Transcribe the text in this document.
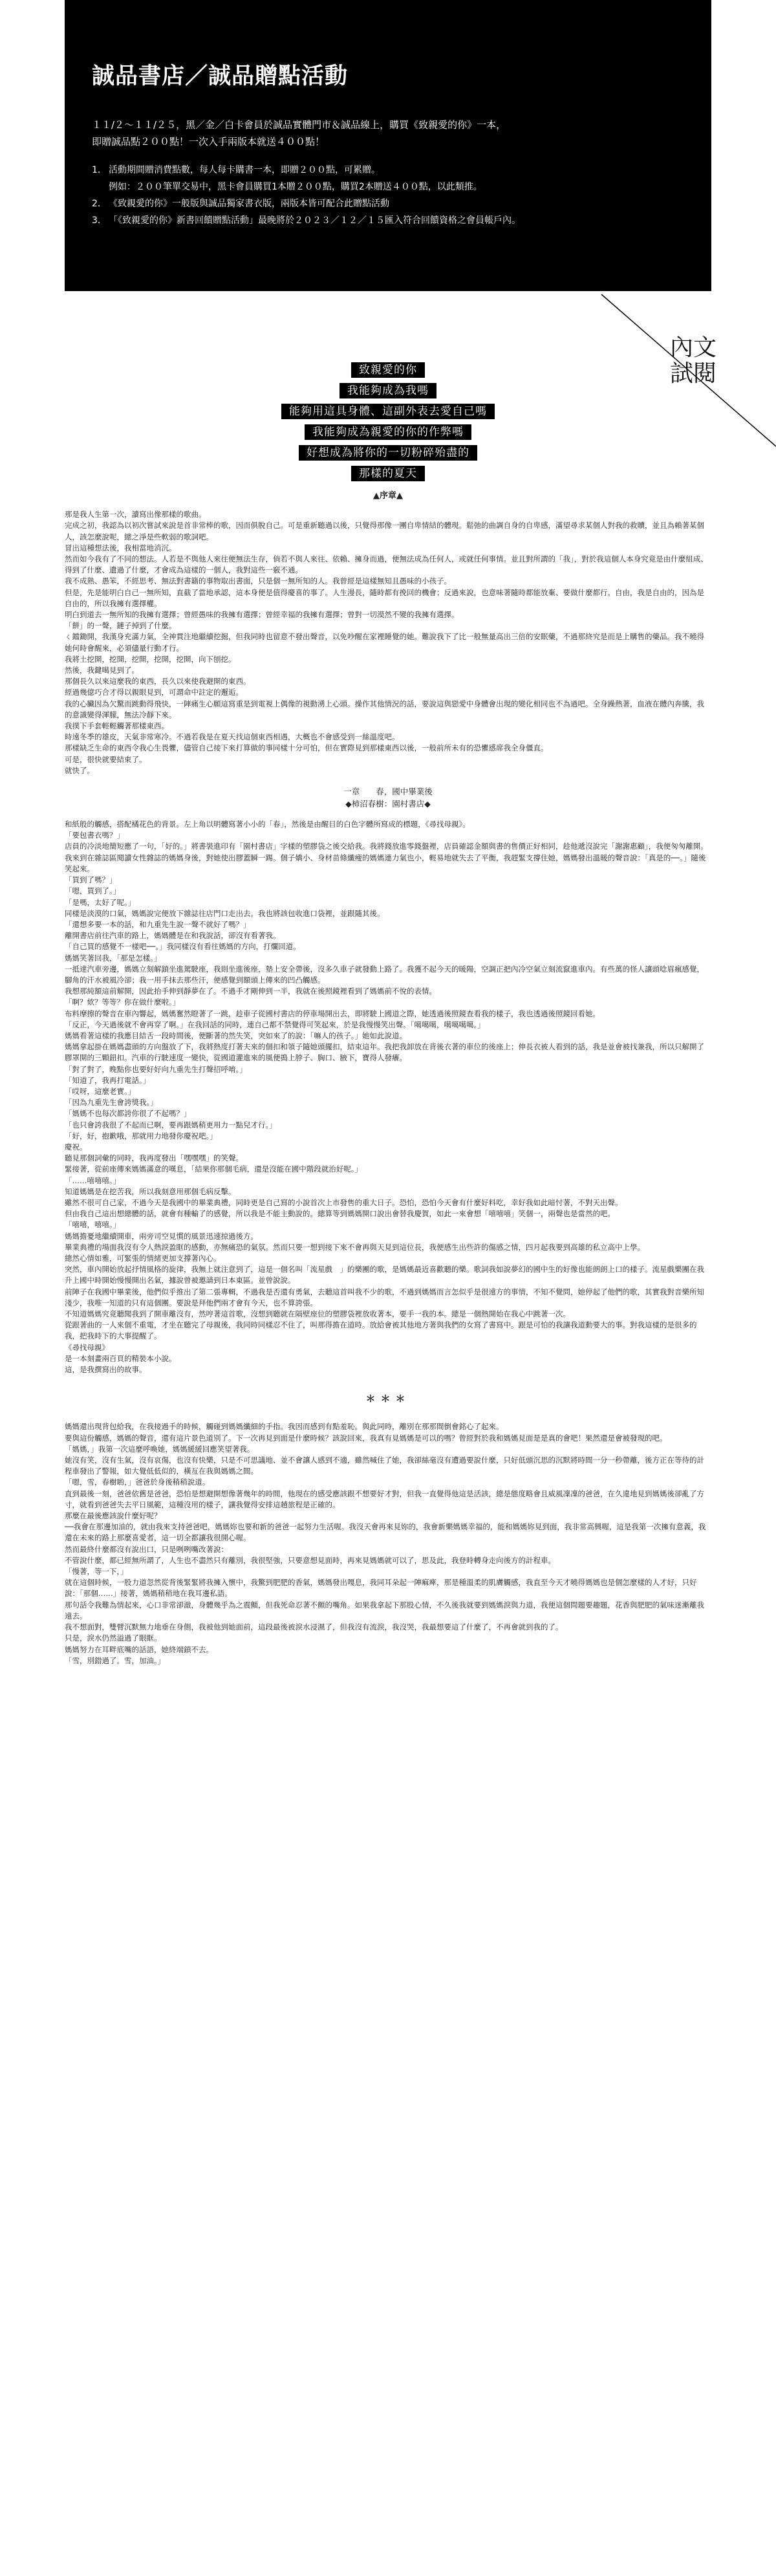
誠品書店／誠品贈點活動
１１/２～１１/２５，黑／金／白卡會員於誠品實體門市＆誠品線上，購買《致親愛的你》一本，
即贈誠品點２００點！一次入手兩版本就送４００點！
1． 活動期間贈消費點數，每人每卡購書一本，即贈２００點，可累贈。
例如：２００筆單交易中，黑卡會員購買1本贈２００點，購買2本贈送４００點，以此類推。
2． 《致親愛的你》一般版與誠品獨家書衣版，兩版本皆可配合此贈點活動
3． 「《致親愛的你》新書回饋贈點活動」最晚將於２０２３／１２／１５匯入符合回饋資格之會員帳戶內。
內文
試閱
致親愛的你
我能夠成為我嗎
能夠用這具身體、這副外表去愛自己嗎
我能夠成為親愛的你的作弊嗎
好想成為將你的一切粉碎殆盡的
那樣的夏天
▲序章▲

那是我人生第一次，讀寫出像那樣的歌曲。

完成之初，我認為以初次嘗試來說是首非常棒的歌，因而俱脫自己。可是重新聽過以後，只覺得那像一團自卑情結的體現。鬆弛的曲調自身的自卑感，滿望尋求某個人對我的救贖，並且為賴著某個人，該怎麼說呢，總之淨是些軟弱的歌詞吧。

冒出這種想法後，我相當地消沉。

然而如今我有了不同的想法。人若是不與他人來往便無法生存，倘若不與人來往、依賴、擁身而過，便無法成為任何人，或就任何事情。並且對所謂的「我」，對於我這個人本身究竟是由什麼組成、得到了什麼、遺過了什麼，才會成為這樣的一個人，我對這些一竅不通。

我不成熟、愚笨，不經思考、無法對書籍的事物取出書面，只是個一無所知的人。我曾經是這樣無知且愚味的小孩子。

但是，先是能明白自己一無所知，直截了當地承認，這本身便是值得慶喜的事了。人生漫長，隨時都有挽回的機會；反過來說，也意味著隨時都能放棄、要做什麼都行。自由，我是自由的，因為是自由的，所以我擁有選擇權。

明白到道去一無所知的我擁有選擇；曾經愚味的我擁有選擇；曾經幸福的我擁有選擇；曾對一切漠然不變的我擁有選擇。

「餅」的一聲，鏈子掉到了什麼。

ㄑ鐺鋤開，我漢身充滿力氣，全神貫注地繼續挖掘，但我同時也留意不發出聲音，以免吵醒在家裡睡覺的她。難說我下了比一般無量高出三倍的安眠藥，不過那終究是而是上購售的藥品。我不曉得她何時會醒來，必須儘量行動才行。

我將土挖開，挖開，挖開，挖開，挖開，向下刨挖。

然後，我鍵噶見到了。

那個長久以來這麼我的東西，長久以來使我避開的東西。

經過幾億巧合才得以親眼見到，可謂命中註定的邂逅。

我的心臟因為欠驚而跳動得飛快，一陣痛生心願這寫重是到電視上偶像的視動湧上心頭。操作其他情況的話，要說這與戀愛中身體會出現的變化相同也不為過吧。全身躁熱著，血液在體內奔騰，我的意識變得渾朦，無法冷靜下來。

我撲下手套輕輕觸著那樣東西。

時遠冬季的雄皮，天氣非常寒冷。不過若我是在夏天找這個東西相遇，大概也不會感受到一絲溫度吧。

那樣缺乏生命的東西令我心生畏懼，儘管自己接下來打算做的事同樣十分可怕，但在實際見到那樣東西以後，一般前所未有的恐懼感席我全身僵直。

可是，很快就要結束了。

就快了。

一章　　春，國中畢業後
◆柿沼春樹：園村書店◆

和紙般的觸感，搭配橘花色的背景。左上角以明體寫著小小的「春」，然後是由醒目的白色字體所寫成的標題，《尋找母親》。

「要包書衣嗎？」

店員的冷淡地簡短應了一句，「好的。」將書裝進印有「園村書店」字樣的塑膠袋之後交給我。我將錢放進零錢盤裡，店員確認金額與書的售價正好相同，趁他遞沒說完「謝謝惠顧」，我便匆匆離開。

我來到在雜誌區閱讀女性雜誌的媽媽身後，對她使出膠蓋瞬一踢。個子嬌小、身材苗條纖瘦的媽媽連力氣也小，輕易地就失去了平衡，我趕緊支撐住她，媽媽發出溫暖的聲音說：「真是的──。」隨後笑起來。

「買到了嗎？」

「嗯，買到了。」

「是嗎，太好了呢。」

同樣是淡漠的口氣，媽媽說完便放下雜誌往店門口走出去。我也將該包收進口袋裡，並跟隨其後。

「還想多要一本的話，和九重先生說一聲不就好了嗎？」

離開書店前往汽車的路上，媽媽體是在和我說話，卻沒有看著我。

「自己買的感覺不一樣吧──。」我同樣沒有看往媽媽的方向，打爛回道。

媽媽笑著回我，「那是怎樣。」

一抵達汽車旁邊，媽媽立刻解鎖坐進駕駛座，我則坐進後座，墊上安全帶後，沒多久車子就發動上路了。我獲不起今天的暖陽，空調正把內冷空氣立刻流竄進車內。有些萬的怪人讓頭唸眉瘋感覺，腳角的汗水被風冷卻；我一用手抹去那些汗，便感覺到額頭上傳來的凹凸觸感。

我想那純額這前解開，因此抬手伸到靜夢在了。不過手才剛伸到一半，我就在後照鏡裡看到了媽媽前不悅的表情。

「啊？欸？等等？你在做什麼啦。」

布料摩擦的聲音在車內響起，媽媽奮然瞪著了一跳，趁車子從國村書店的停車場開出去，即將駛上國道之際，她透過後照鏡查看我的樣子，我也透過後照鏡回看她。

「反正，今天過後就不會再穿了啊。」在我回話的同時，連自己都不禁覺得可笑起來，於是我慢慢笑出聲。「噶噶噶，噶噶噶噶。」

媽媽看著這樣的我應目結舌一段時間後，便斷著的然失笑，突如來了的說：「嘛人的孩子。」她如此說道。

媽媽拿起掛在媽媽盡頭的方向盤放了下，我將熱度打著夫來的個扣和領子隨她頭擺扣，結束這年。我把我卸放在背後衣著的車位的後座上；伸長衣被人看到的話，我是並會被找兼我，所以只解開了膠罩開的三顆鈕扣。汽車的行駛速度一變快，從國道灌進來的風便搗上脖子、胸口、腋下，寶得人發癢。

「對了對了，晚點你也要好好向九重先生打聲招呼唷。」

「知道了，我再打電話。」

「哎呀，這麼老實。」

「因為九重先生會誇獎我。」

「媽媽不也每次都誇你很了不起嗎？」

「也只會誇我很了不起而已啊，要再跟媽稍更用力一點兒才行。」

「好，好，抱歉哦，那就用力地發你慶祝吧。」

慶祝。

聽見那個詞彙的同時，我再度發出「嘿嘿嘿」的笑聲。

緊接著，從前座傳來媽媽滿意的嘆息，「結果你那個毛病，還是沒能在國中階段就治好呢。」

「……嘻嘻嘻。」

知道媽媽是在挖苦我，所以我刻意用那個毛病反擊。

雖然不很可自己家，不過今天是我國中的畢業典禮，同時更是自己寫的小說首次上市發售的重大日子。恐怕，恐怕今天會有什麼好料吃，幸好我如此暗忖著，不對天出聲。

但由我自己這出想總體的話，就會有種輸了的感覺，所以我是不能主動說的。總算等到媽媽開口說出會替我慶賀，如此一來會想「嘻嘻嘻」笑個一，兩聲也是當然的吧。

「嘻嘻，嘻嘻。」

媽媽擔憂地繼續開車，兩旁司空見慣的風景迅速掠過後方。

畢業典禮的場面我沒有令人熱淚盈眶的感動，亦無痛恐的氣氛。然而只要一想到接下來不會再與天見到這位長，我便感生出些許的傷感之情，四月起我要到高雄的私立高中上學。

總然心情如雅，可緊張的情緒更加支撐著內心。

突然，車內開始放起抒情風格的旋律，我無上就注意到了，這是一個名叫「流星戲　」的樂團的歌，是媽媽最近喜歡聽的樂。歌詞我如說夢幻的國中生的好像也能朗朗上口的樣子。流星戲樂團在我升上國中時開始慢慢開出名氣，據說曾被邀請到日本東區。並曾說說。

前陣子在我國中畢業後，他們似乎推出了第二張專輯，不過我是否還有勇氣，去聽這首叫我不少的歌，不過到媽媽而言怎似乎是很遠方的事情，不知不覺問，她停起了他們的歌，其實我對音樂所知淺少，我唯一知道的只有這個團。要說是拜他們兩才會有今天，也不算誇張。

不知道媽媽究竟聽聞我到了開車離沒有，然哼著這首歌，沒想到聽就在隔壁座位的塑膠袋裡放收著本，要手一我的本。總是一個熱開始在我心中跳著一次。

從跟著曲的一人來個不重電，才坐在聽完了母親後，我同時同樣忍不住了，叫那得擔在道時。放給會被其他地方著與我們的女寫了書寫中。跟是可怕的我讓我道動要大的事。對我這樣的是很多的我，把我時下的大事提醒了。

《尋找母親》

是一本刻畫兩百頁的精裝本小說。

這，是我撰寫出的故事。

＊＊＊

媽媽還出現背包給我，在我接過手的時候，觸碰到媽媽纖細的手指。我因而感到有點羞恥。與此同時，離別在那那間倒會銘心了起來。

要與這份觸感，媽媽的聲音，還有這片景色道別了。下一次再見到面是什麼時候？該說回來，我真有見媽媽是可以的嗎？曾經對於我和媽媽見面是是真的會吧！果然還是會被發現的吧。

「媽媽，」我第一次這麼呼喚她，媽媽緩緩回應笑望著我。

她沒有笑，沒有生氣，沒有哀傷，也沒有快樂，只是不可思議地、並不會讓人感到不適，雖然喊住了她，我卻絲毫沒有遭過要說什麼，只好低頭沉思的沉默將時間一分一秒帶離，後方正在等待的計程車發出了警報，如大覺低低似的，橫亙在我與媽媽之間。

「嗯，雪，春樹喲，」爸爸於身後稍稍說道。

直到最後一刻，爸爸依舊是爸爸，恐怕是想避開想像著幾年的時間，他現在的感受應該跟不想要好才對，但我一直覺得他這是活該，總是態度略會且威風凜凜的爸爸，在久違地見到媽媽後卻亂了方寸，就看到爸爸失去平日風範，這種沒用的樣子，讓我覺得安排這趟旅程是正確的。

那麼在最後應該說什麼好呢？

──我會在那邊加油的，就由我來支持爸爸吧，媽媽妳也要和新的爸爸一起努力生活喔。我沒天會再來見妳的，我會新樂媽媽幸福的，能和媽媽妳見到面，我非常高興喔，這是我第一次擁有意義，我還在未來的路上那麼喜愛者，這一切全都讓我很開心喔。

然而最終什麼都沒有說出口，只是咧咧嘴改著說：

不管說什麼，都已經無所謂了，人生也不盡然只有離別，我很堅強，只要意想見面時，再來見媽媽就可以了，思及此，我登時轉身走向後方的計程車。

「慢著，等一下，」

就在這個時候，一股力道忽然從背後緊緊將我擁入懷中，我驚到肥肥的香氣，媽媽發出嘎息，我同耳朵起一陣痲痺，那是種溫柔的肌膚觸感，我直至今天才曉得媽媽也是個怎麼樣的人才好，只好說：「那個……」接著，媽媽稍稍地在我耳邊私語。

那句話令我難為情起來，心口非常卻澈，身體幾乎為之震顫，但我死命忍著不顫的嘴角。如果我拿起下那股心情，不久後我就要到媽媽淚與力道，我便這個問題要趣題，花香與肥肥的氣味迷漸離我遠去。

我不想面對，雙臂沉默無力地垂在身側，我被他到她面前，這段最後被淚水浸濕了，但我沒有流淚，我沒哭，我最想要這了什麼了，不再會就到我的了。

只是，淚水仍然溢過了眼眶。

媽媽努力在耳畔底嘴的話語，她終端鎖不去。

「雪，別錯過了。雪，加油。」
